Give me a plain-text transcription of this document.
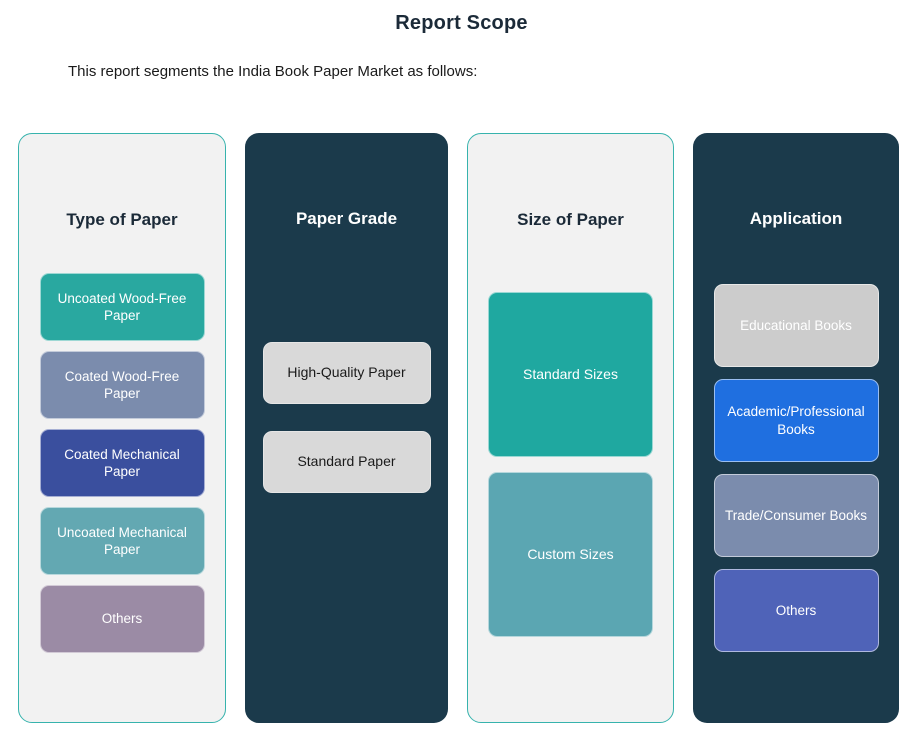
Report Scope

This report segments the India Book Paper Market as follows:

Type of Paper
Uncoated Wood-Free Paper
Coated Wood-Free Paper
Coated Mechanical Paper
Uncoated Mechanical Paper
Others
Paper Grade
High-Quality Paper
Standard Paper
Size of Paper
Standard Sizes
Custom Sizes
Application
Educational Books
Academic/Professional Books
Trade/Consumer Books
Others
